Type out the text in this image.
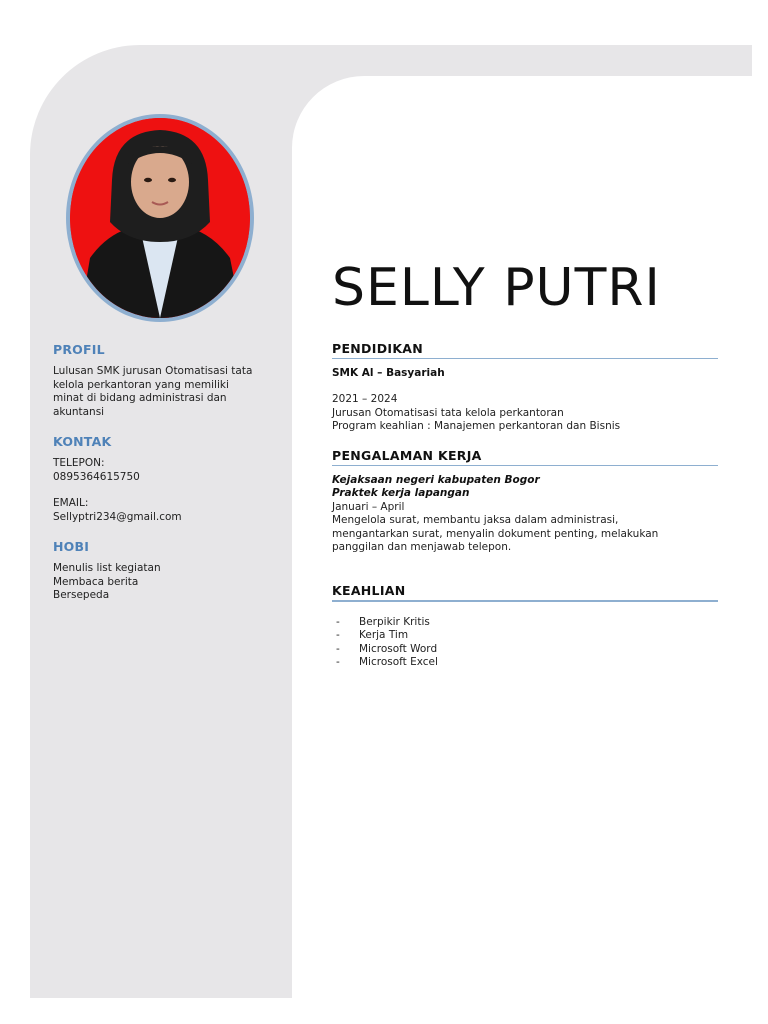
PROFIL

Lulusan SMK jurusan Otomatisasi tata

kelola perkantoran yang memiliki

minat di bidang administrasi dan

akuntansi

KONTAK

TELEPON:

0895364615750

EMAIL:

Sellyptri234@gmail.com

HOBI

Menulis list kegiatan

Membaca berita

Bersepeda

SELLY PUTRI
PENDIDIKAN

SMK Al – Basyariah

2021 – 2024

Jurusan Otomatisasi tata kelola perkantoran

Program keahlian : Manajemen perkantoran dan Bisnis

PENGALAMAN KERJA

Kejaksaan negeri kabupaten Bogor

Praktek kerja lapangan

Januari – April

Mengelola surat, membantu jaksa dalam administrasi,

mengantarkan surat, menyalin dokument penting, melakukan

panggilan dan menjawab telepon.

KEAHLIAN
- Berpikir Kritis
- Kerja Tim
- Microsoft Word
- Microsoft Excel
